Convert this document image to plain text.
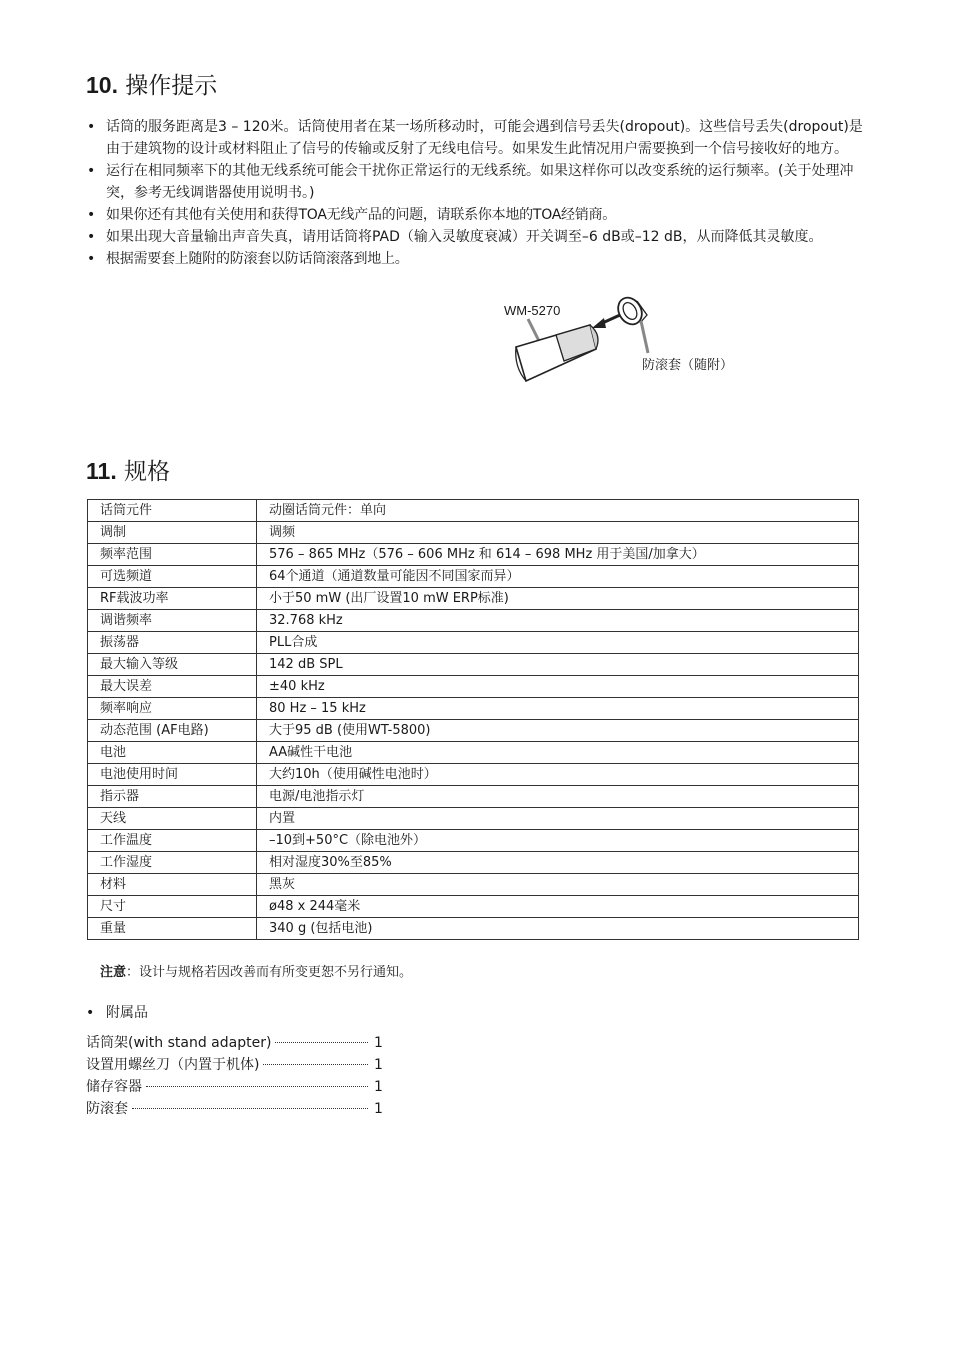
10. 操作提示
• 话筒的服务距离是3 – 120米。话筒使用者在某一场所移动时，可能会遇到信号丢失(dropout)。这些信号丢失(dropout)是由于建筑物的设计或材料阻止了信号的传输或反射了无线电信号。如果发生此情况用户需要换到一个信号接收好的地方。
• 运行在相同频率下的其他无线系统可能会干扰你正常运行的无线系统。如果这样你可以改变系统的运行频率。(关于处理冲突，参考无线调谐器使用说明书。)
• 如果你还有其他有关使用和获得TOA无线产品的问题，请联系你本地的TOA经销商。
• 如果出现大音量输出声音失真，请用话筒将PAD（输入灵敏度衰减）开关调至–6 dB或–12 dB，从而降低其灵敏度。
• 根据需要套上随附的防滚套以防话筒滚落到地上。
WM-5270
防滚套（随附）
11. 规格
话筒元件	动圈话筒元件：单向
调制	调频
频率范围	576 – 865 MHz（576 – 606 MHz 和 614 – 698 MHz 用于美国/加拿大）
可选频道	64个通道（通道数量可能因不同国家而异）
RF载波功率	小于50 mW (出厂设置10 mW ERP标准)
调谐频率	32.768 kHz
振荡器	PLL合成
最大输入等级	142 dB SPL
最大误差	±40 kHz
频率响应	80 Hz – 15 kHz
动态范围 (AF电路)	大于95 dB (使用WT-5800)
电池	AA碱性干电池
电池使用时间	大约10h（使用碱性电池时）
指示器	电源/电池指示灯
天线	内置
工作温度	–10到+50°C（除电池外）
工作湿度	相对湿度30%至85%
材料	黑灰
尺寸	ø48 x 244毫米
重量	340 g (包括电池)
注意：设计与规格若因改善而有所变更恕不另行通知。
• 附属品
话筒架(with stand adapter)	1
设置用螺丝刀（内置于机体)	1
储存容器	1
防滚套	1
